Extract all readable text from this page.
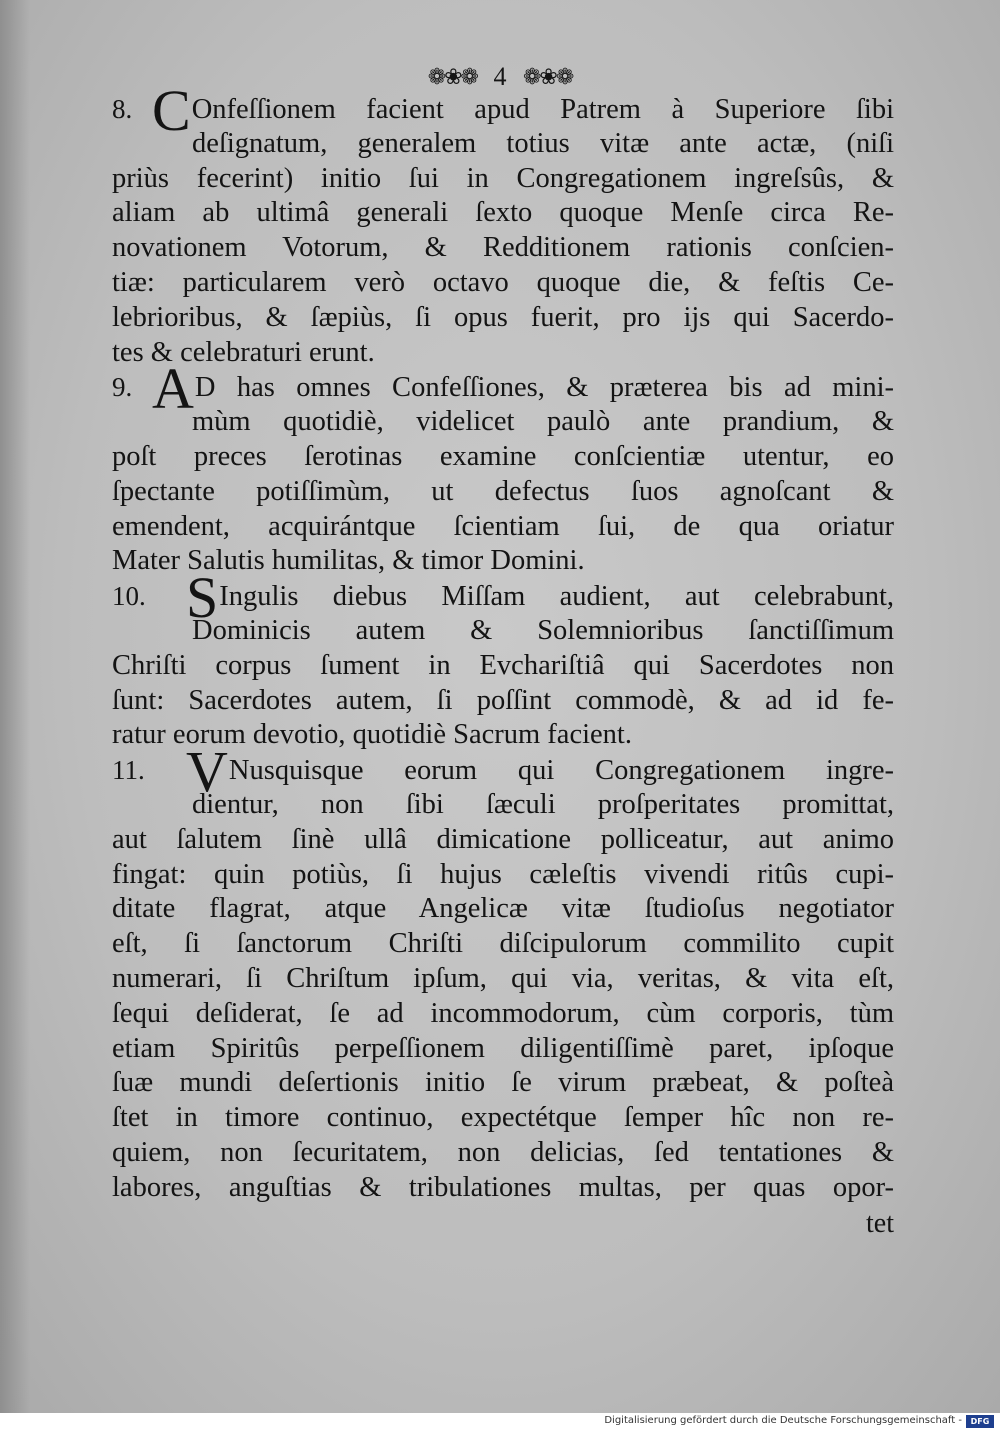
❁❀❁ 4 ❁❀❁
8. COnfeſſionem facient apud Patrem à Superiore ſibi
deſignatum, generalem totius vitæ ante actæ, (niſi
priùs fecerint) initio ſui in Congregationem ingreſsûs, &
aliam ab ultimâ generali ſexto quoque Menſe circa Re-
novationem Votorum, & Redditionem rationis conſcien-
tiæ: particularem verò octavo quoque die, & feſtis Ce-
lebrioribus, & ſæpiùs, ſi opus fuerit, pro ijs qui Sacerdo-
tes & celebraturi erunt.
9. AD has omnes Confeſſiones, & præterea bis ad mini-
mùm quotidiè, videlicet paulò ante prandium, &
poſt preces ſerotinas examine conſcientiæ utentur, eo
ſpectante potiſſimùm, ut defectus ſuos agnoſcant &
emendent, acquirántque ſcientiam ſui, de qua oriatur
Mater Salutis humilitas, & timor Domini.
10. SIngulis diebus Miſſam audient, aut celebrabunt,
Dominicis autem & Solemnioribus ſanctiſſimum
Chriſti corpus ſument in Evchariſtiâ qui Sacerdotes non
ſunt: Sacerdotes autem, ſi poſſint commodè, & ad id fe-
ratur eorum devotio, quotidiè Sacrum facient.
11. VNusquisque eorum qui Congregationem ingre-
dientur, non ſibi ſæculi proſperitates promittat,
aut ſalutem ſinè ullâ dimicatione polliceatur, aut animo
fingat: quin potiùs, ſi hujus cæleſtis vivendi ritûs cupi-
ditate flagrat, atque Angelicæ vitæ ſtudioſus negotiator
eſt, ſi ſanctorum Chriſti diſcipulorum commilito cupit
numerari, ſi Chriſtum ipſum, qui via, veritas, & vita eſt,
ſequi deſiderat, ſe ad incommodorum, cùm corporis, tùm
etiam Spiritûs perpeſſionem diligentiſſimè paret, ipſoque
ſuæ mundi deſertionis initio ſe virum præbeat, & poſteà
ſtet in timore continuo, expectétque ſemper hîc non re-
quiem, non ſecuritatem, non delicias, ſed tentationes &
labores, anguſtias & tribulationes multas, per quas opor-
tet
Digitalisierung gefördert durch die Deutsche Forschungsgemeinschaft -	DFG
